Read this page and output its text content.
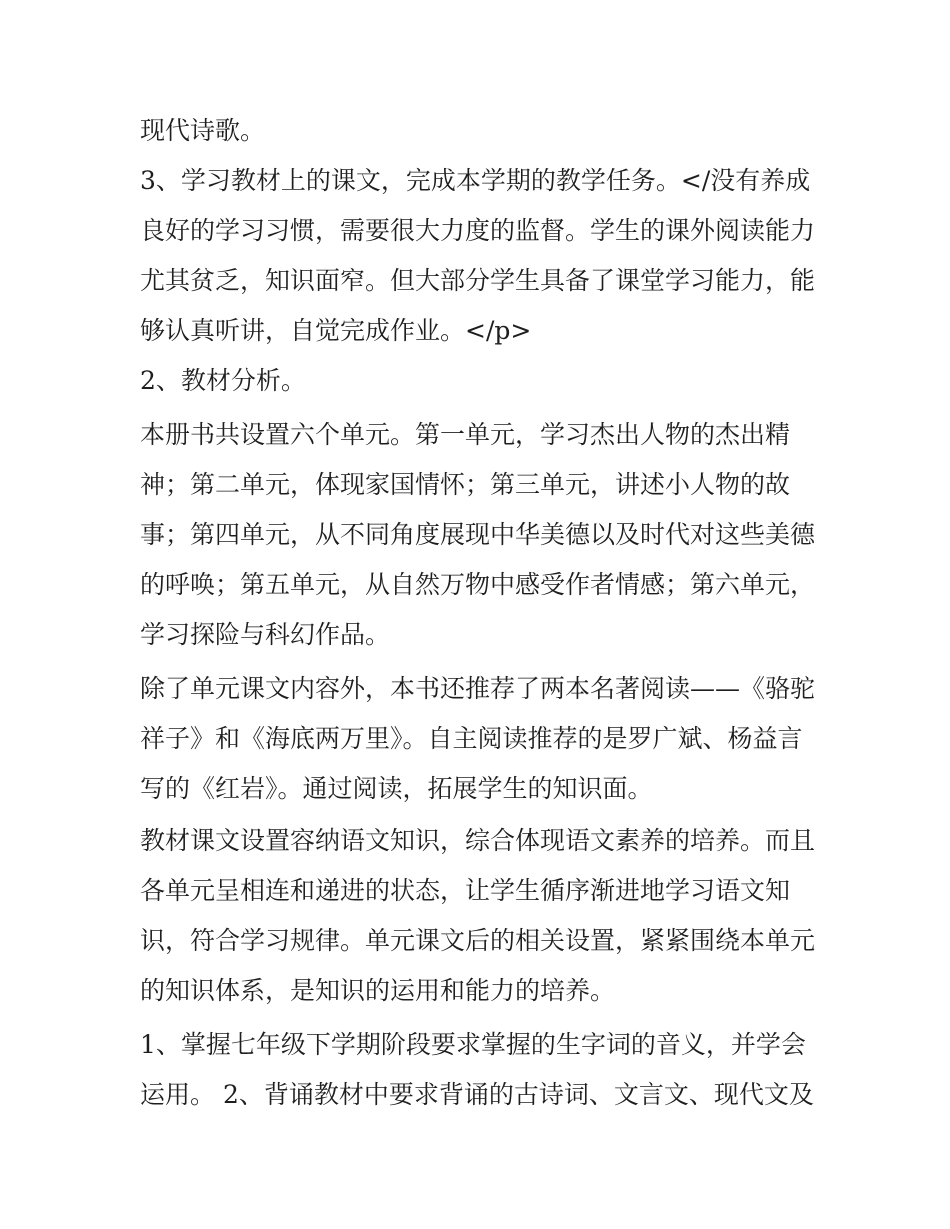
现代诗歌。
3、学习教材上的课文，完成本学期的教学任务。</没有养成
良好的学习习惯，需要很大力度的监督。学生的课外阅读能力
尤其贫乏，知识面窄。但大部分学生具备了课堂学习能力，能
够认真听讲，自觉完成作业。</p>
2、教材分析。
本册书共设置六个单元。第一单元，学习杰出人物的杰出精
神；第二单元，体现家国情怀；第三单元，讲述小人物的故
事；第四单元，从不同角度展现中华美德以及时代对这些美德
的呼唤；第五单元，从自然万物中感受作者情感；第六单元，
学习探险与科幻作品。
除了单元课文内容外，本书还推荐了两本名著阅读——《骆驼
祥子》和《海底两万里》。自主阅读推荐的是罗广斌、杨益言
写的《红岩》。通过阅读，拓展学生的知识面。
教材课文设置容纳语文知识，综合体现语文素养的培养。而且
各单元呈相连和递进的状态，让学生循序渐进地学习语文知
识，符合学习规律。单元课文后的相关设置，紧紧围绕本单元
的知识体系，是知识的运用和能力的培养。
1、掌握七年级下学期阶段要求掌握的生字词的音义，并学会
运用。 2、背诵教材中要求背诵的古诗词、文言文、现代文及
